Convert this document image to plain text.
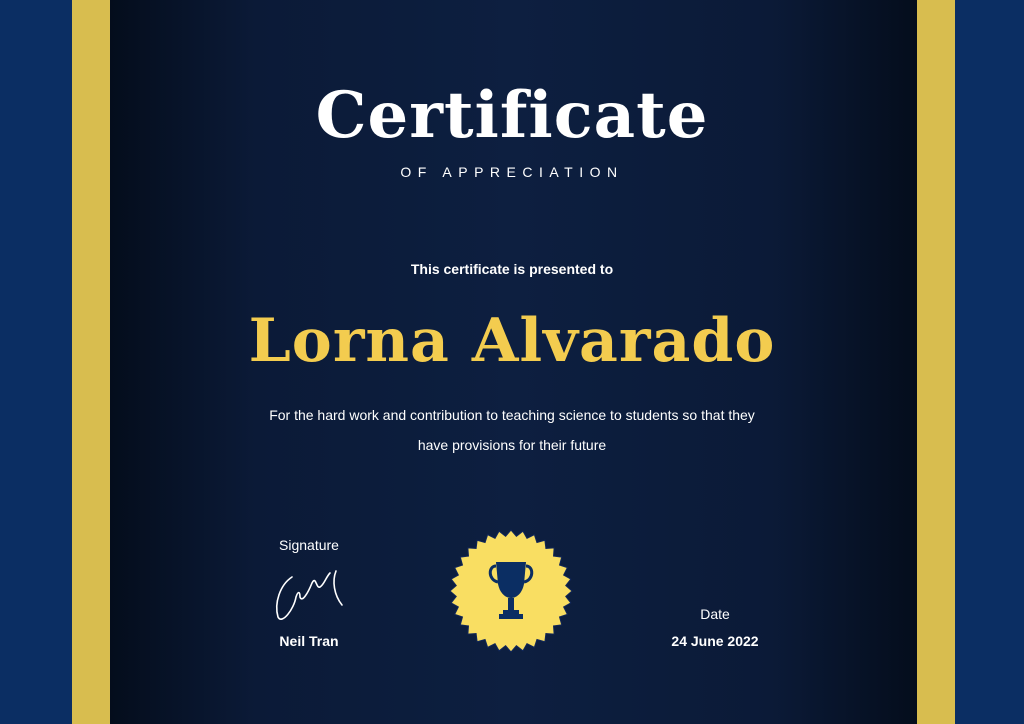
Certificate
OF APPRECIATION
This certificate is presented to
Lorna Alvarado
For the hard work and contribution to teaching science to students so that they
have provisions for their future
Signature
Neil Tran
Date
24 June 2022
